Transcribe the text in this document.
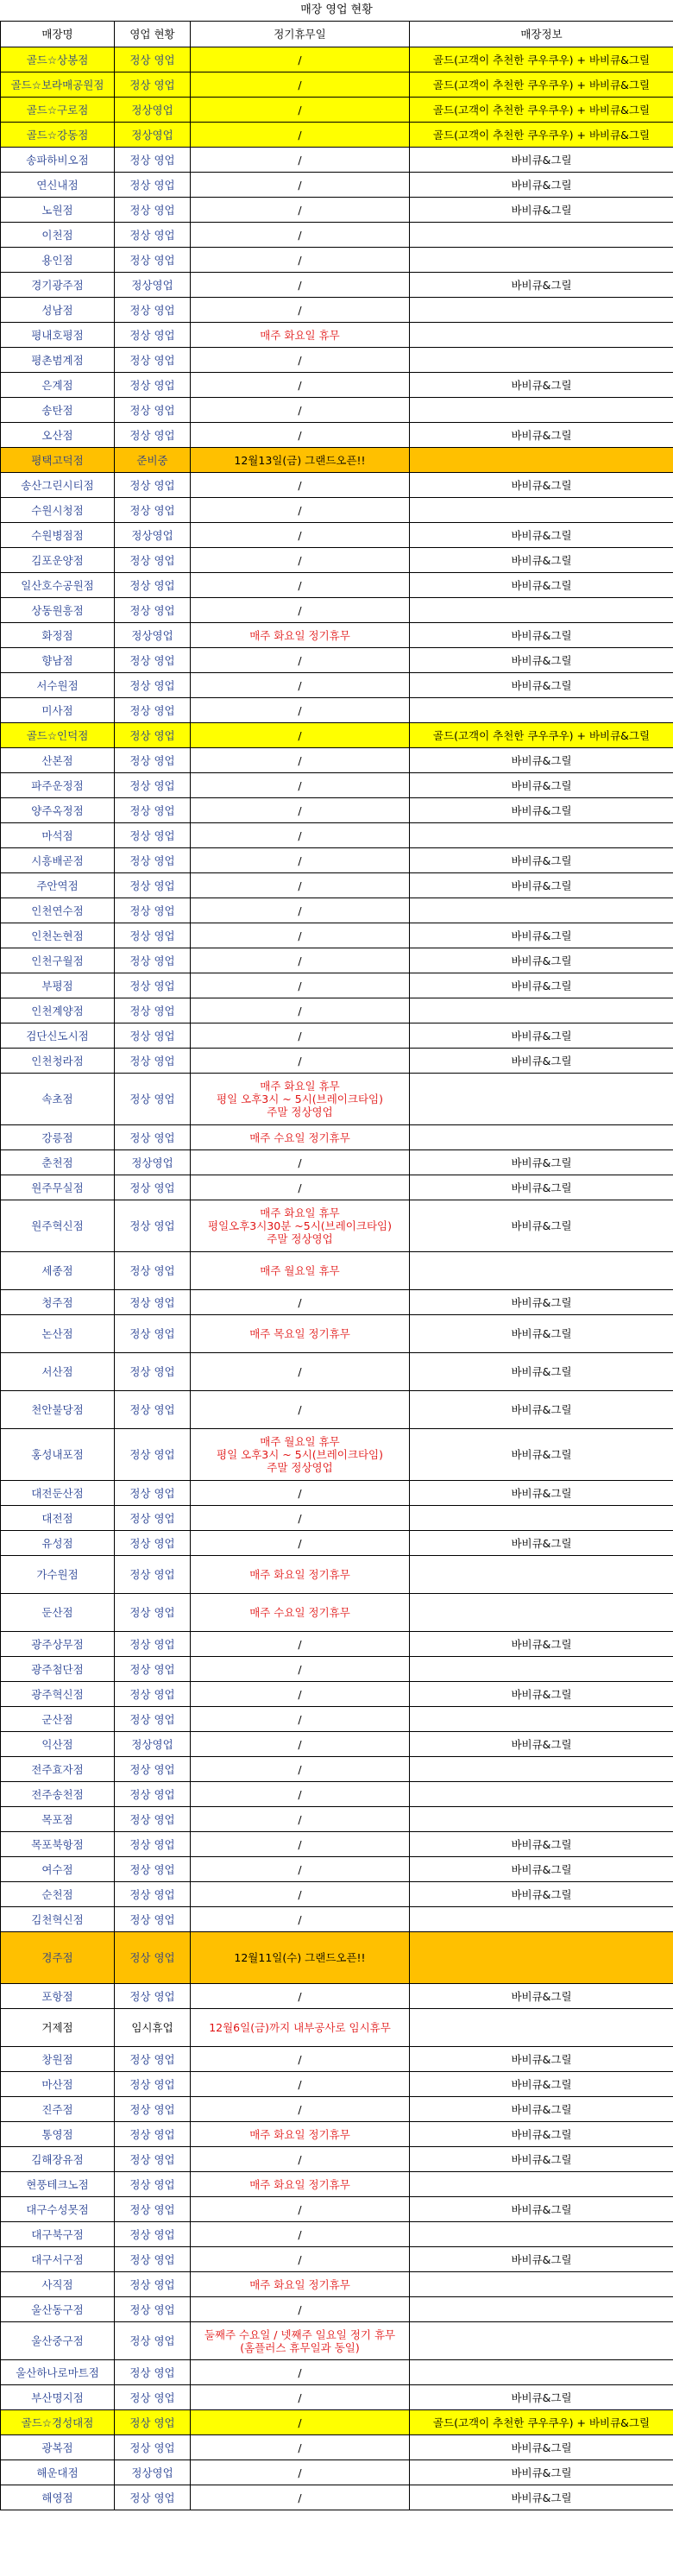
매장 영업 현황
매장명	영업 현황	정기휴무일	매장정보
골드☆상봉점	정상 영업	/	골드(고객이 추천한 쿠우쿠우) + 바비큐&그릴
골드☆보라매공원점	정상 영업	/	골드(고객이 추천한 쿠우쿠우) + 바비큐&그릴
골드☆구로점	정상영업	/	골드(고객이 추천한 쿠우쿠우) + 바비큐&그릴
골드☆강동점	정상영업	/	골드(고객이 추천한 쿠우쿠우) + 바비큐&그릴
송파하비오점	정상 영업	/	바비큐&그릴
연신내점	정상 영업	/	바비큐&그릴
노원점	정상 영업	/	바비큐&그릴
이천점	정상 영업	/	

용인점	정상 영업	/	

경기광주점	정상영업	/	바비큐&그릴
성남점	정상 영업	/	

평내호평점	정상 영업	매주 화요일 휴무	

평촌범계점	정상 영업	/	

은계점	정상 영업	/	바비큐&그릴
송탄점	정상 영업	/	

오산점	정상 영업	/	바비큐&그릴
평택고덕점	준비중	12월13일(금) 그랜드오픈!!	

송산그린시티점	정상 영업	/	바비큐&그릴
수원시청점	정상 영업	/	

수원병점점	정상영업	/	바비큐&그릴
김포운양점	정상 영업	/	바비큐&그릴
일산호수공원점	정상 영업	/	바비큐&그릴
상동원흥점	정상 영업	/	

화정점	정상영업	매주 화요일 정기휴무	바비큐&그릴
향남점	정상 영업	/	바비큐&그릴
서수원점	정상 영업	/	바비큐&그릴
미사점	정상 영업	/	

골드☆인덕점	정상 영업	/	골드(고객이 추천한 쿠우쿠우) + 바비큐&그릴
산본점	정상 영업	/	바비큐&그릴
파주운정점	정상 영업	/	바비큐&그릴
양주옥정점	정상 영업	/	바비큐&그릴
마석점	정상 영업	/	

시흥배곧점	정상 영업	/	바비큐&그릴
주안역점	정상 영업	/	바비큐&그릴
인천연수점	정상 영업	/	

인천논현점	정상 영업	/	바비큐&그릴
인천구월점	정상 영업	/	바비큐&그릴
부평점	정상 영업	/	바비큐&그릴
인천계양점	정상 영업	/	

검단신도시점	정상 영업	/	바비큐&그릴
인천청라점	정상 영업	/	바비큐&그릴
속초점	정상 영업	매주 화요일 휴무
평일 오후3시 ~ 5시(브레이크타임)
주말 정상영업	

강릉점	정상 영업	매주 수요일 정기휴무	

춘천점	정상영업	/	바비큐&그릴
원주무실점	정상 영업	/	바비큐&그릴
원주혁신점	정상 영업	매주 화요일 휴무
평일오후3시30분 ~5시(브레이크타임)
주말 정상영업	바비큐&그릴
세종점	정상 영업	매주 월요일 휴무	

청주점	정상 영업	/	바비큐&그릴
논산점	정상 영업	매주 목요일 정기휴무	바비큐&그릴
서산점	정상 영업	/	바비큐&그릴
천안불당점	정상 영업	/	바비큐&그릴
홍성내포점	정상 영업	매주 월요일 휴무
평일 오후3시 ~ 5시(브레이크타임)
주말 정상영업	바비큐&그릴
대전둔산점	정상 영업	/	바비큐&그릴
대전점	정상 영업	/	

유성점	정상 영업	/	바비큐&그릴
가수원점	정상 영업	매주 화요일 정기휴무	

둔산점	정상 영업	매주 수요일 정기휴무	

광주상무점	정상 영업	/	바비큐&그릴
광주첨단점	정상 영업	/	

광주혁신점	정상 영업	/	바비큐&그릴
군산점	정상 영업	/	

익산점	정상영업	/	바비큐&그릴
전주효자점	정상 영업	/	

전주송천점	정상 영업	/	

목포점	정상 영업	/	

목포북항점	정상 영업	/	바비큐&그릴
여수점	정상 영업	/	바비큐&그릴
순천점	정상 영업	/	바비큐&그릴
김천혁신점	정상 영업	/	

경주점	정상 영업	12월11일(수) 그랜드오픈!!	

포항점	정상 영업	/	바비큐&그릴
거제점	임시휴업	12월6일(금)까지 내부공사로 임시휴무	

창원점	정상 영업	/	바비큐&그릴
마산점	정상 영업	/	바비큐&그릴
진주점	정상 영업	/	바비큐&그릴
통영점	정상 영업	매주 화요일 정기휴무	바비큐&그릴
김해장유점	정상 영업	/	바비큐&그릴
현풍테크노점	정상 영업	매주 화요일 정기휴무	

대구수성못점	정상 영업	/	바비큐&그릴
대구북구점	정상 영업	/	

대구서구점	정상 영업	/	바비큐&그릴
사직점	정상 영업	매주 화요일 정기휴무	

울산동구점	정상 영업	/	

울산중구점	정상 영업	둘째주 수요일 / 넷째주 일요일 정기 휴무
(홈플러스 휴무일과 동일)	

울산하나로마트점	정상 영업	/	

부산명지점	정상 영업	/	바비큐&그릴
골드☆경성대점	정상 영업	/	골드(고객이 추천한 쿠우쿠우) + 바비큐&그릴
광복점	정상 영업	/	바비큐&그릴
해운대점	정상영업	/	바비큐&그릴
해영점	정상 영업	/	바비큐&그릴
